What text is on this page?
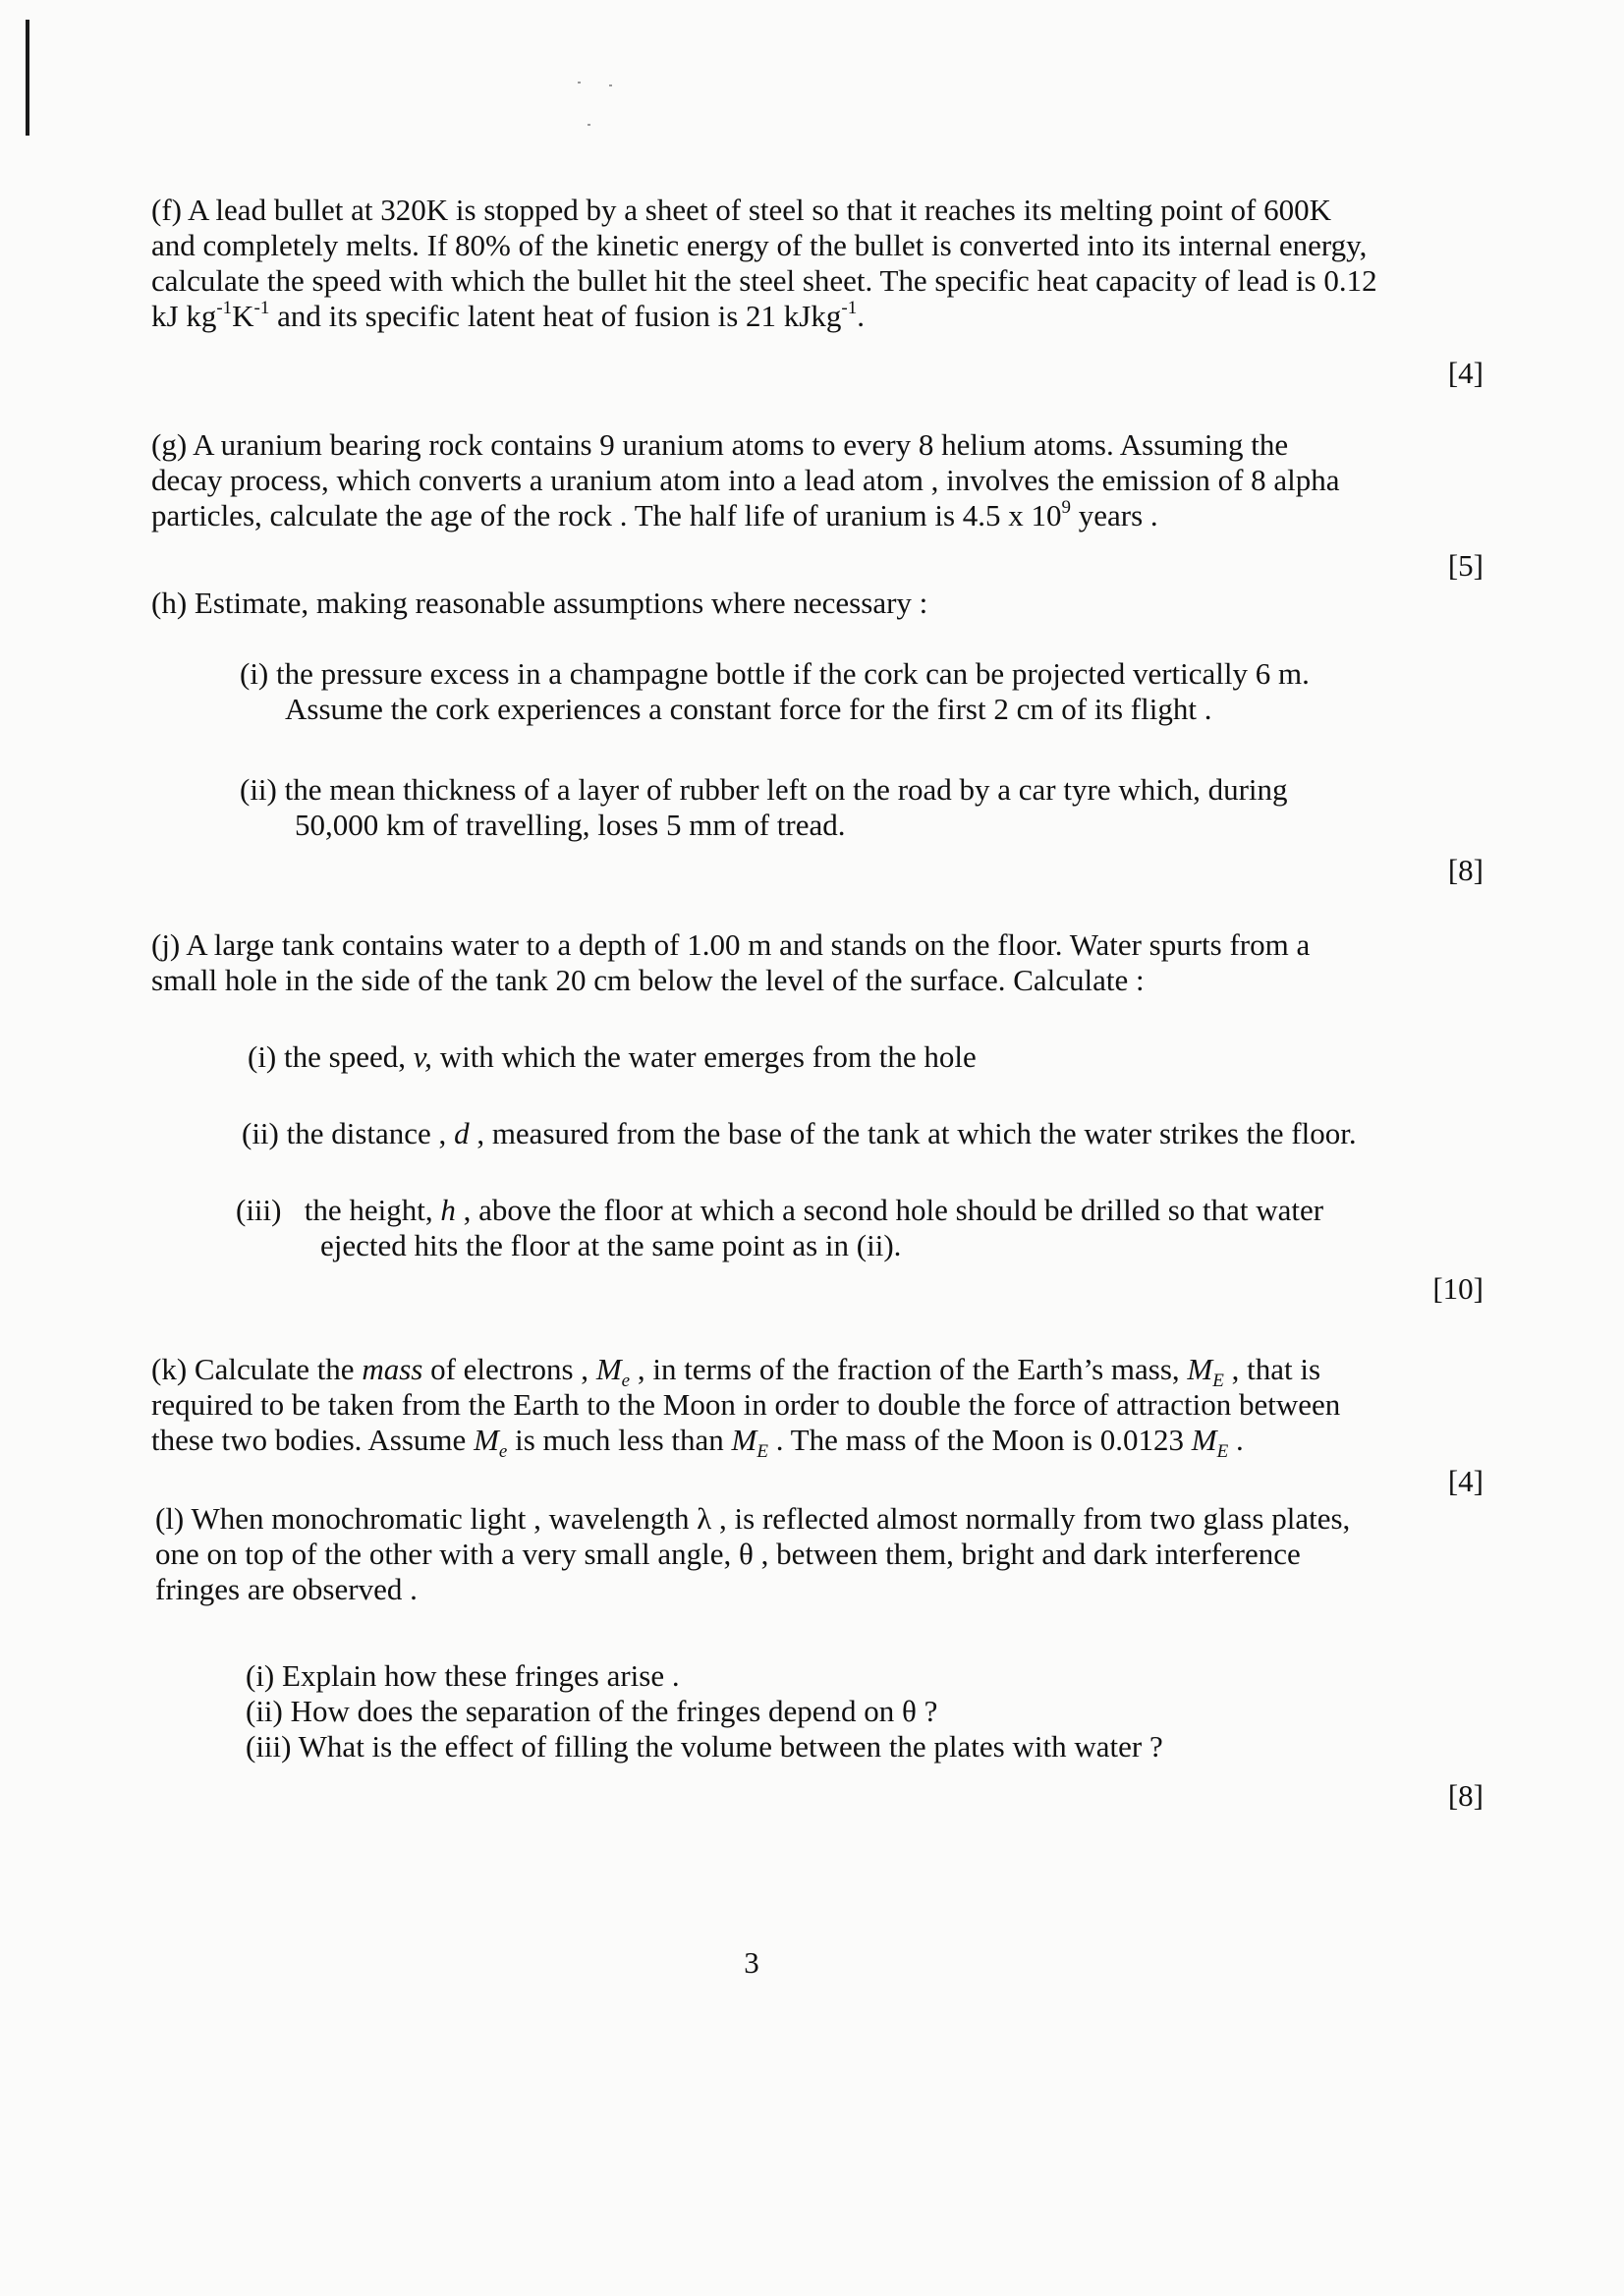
(f) A lead bullet at 320K is stopped by a sheet of steel so that it reaches its melting point of 600K
and completely melts. If 80% of the kinetic energy of the bullet is converted into its internal energy,
calculate the speed with which the bullet hit the steel sheet. The specific heat capacity of lead is 0.12
kJ $kg^{-1}K^{-1}$ and its specific latent heat of fusion is 21 kJkg$^{-1}$.
[4]
(g) A uranium bearing rock contains 9 uranium atoms to every 8 helium atoms. Assuming the
decay process, which converts a uranium atom into a lead atom , involves the emission of 8 alpha
particles, calculate the age of the rock . The half life of uranium is 4.5 x $10^9$ years .
[5]
(h) Estimate, making reasonable assumptions where necessary :
(i) the pressure excess in a champagne bottle if the cork can be projected vertically 6 m.
Assume the cork experiences a constant force for the first 2 cm of its flight .
(ii) the mean thickness of a layer of rubber left on the road by a car tyre which, during
50,000 km of travelling, loses 5 mm of tread.
[8]
(j) A large tank contains water to a depth of 1.00 m and stands on the floor. Water spurts from a
small hole in the side of the tank 20 cm below the level of the surface. Calculate :
(i) the speed, v, with which the water emerges from the hole
(ii) the distance , d , measured from the base of the tank at which the water strikes the floor.
(iii) the height, h , above the floor at which a second hole should be drilled so that water
ejected hits the floor at the same point as in (ii).
[10]
(k) Calculate the mass of electrons , $M_e$ , in terms of the fraction of the Earth’s mass, $M_E$ , that is
required to be taken from the Earth to the Moon in order to double the force of attraction between
these two bodies. Assume $M_e$ is much less than $M_E$ . The mass of the Moon is 0.0123 $M_E$ .
[4]
(l) When monochromatic light , wavelength λ , is reflected almost normally from two glass plates,
one on top of the other with a very small angle, θ , between them, bright and dark interference
fringes are observed .
(i) Explain how these fringes arise .
(ii) How does the separation of the fringes depend on θ ?
(iii) What is the effect of filling the volume between the plates with water ?
[8]
3
